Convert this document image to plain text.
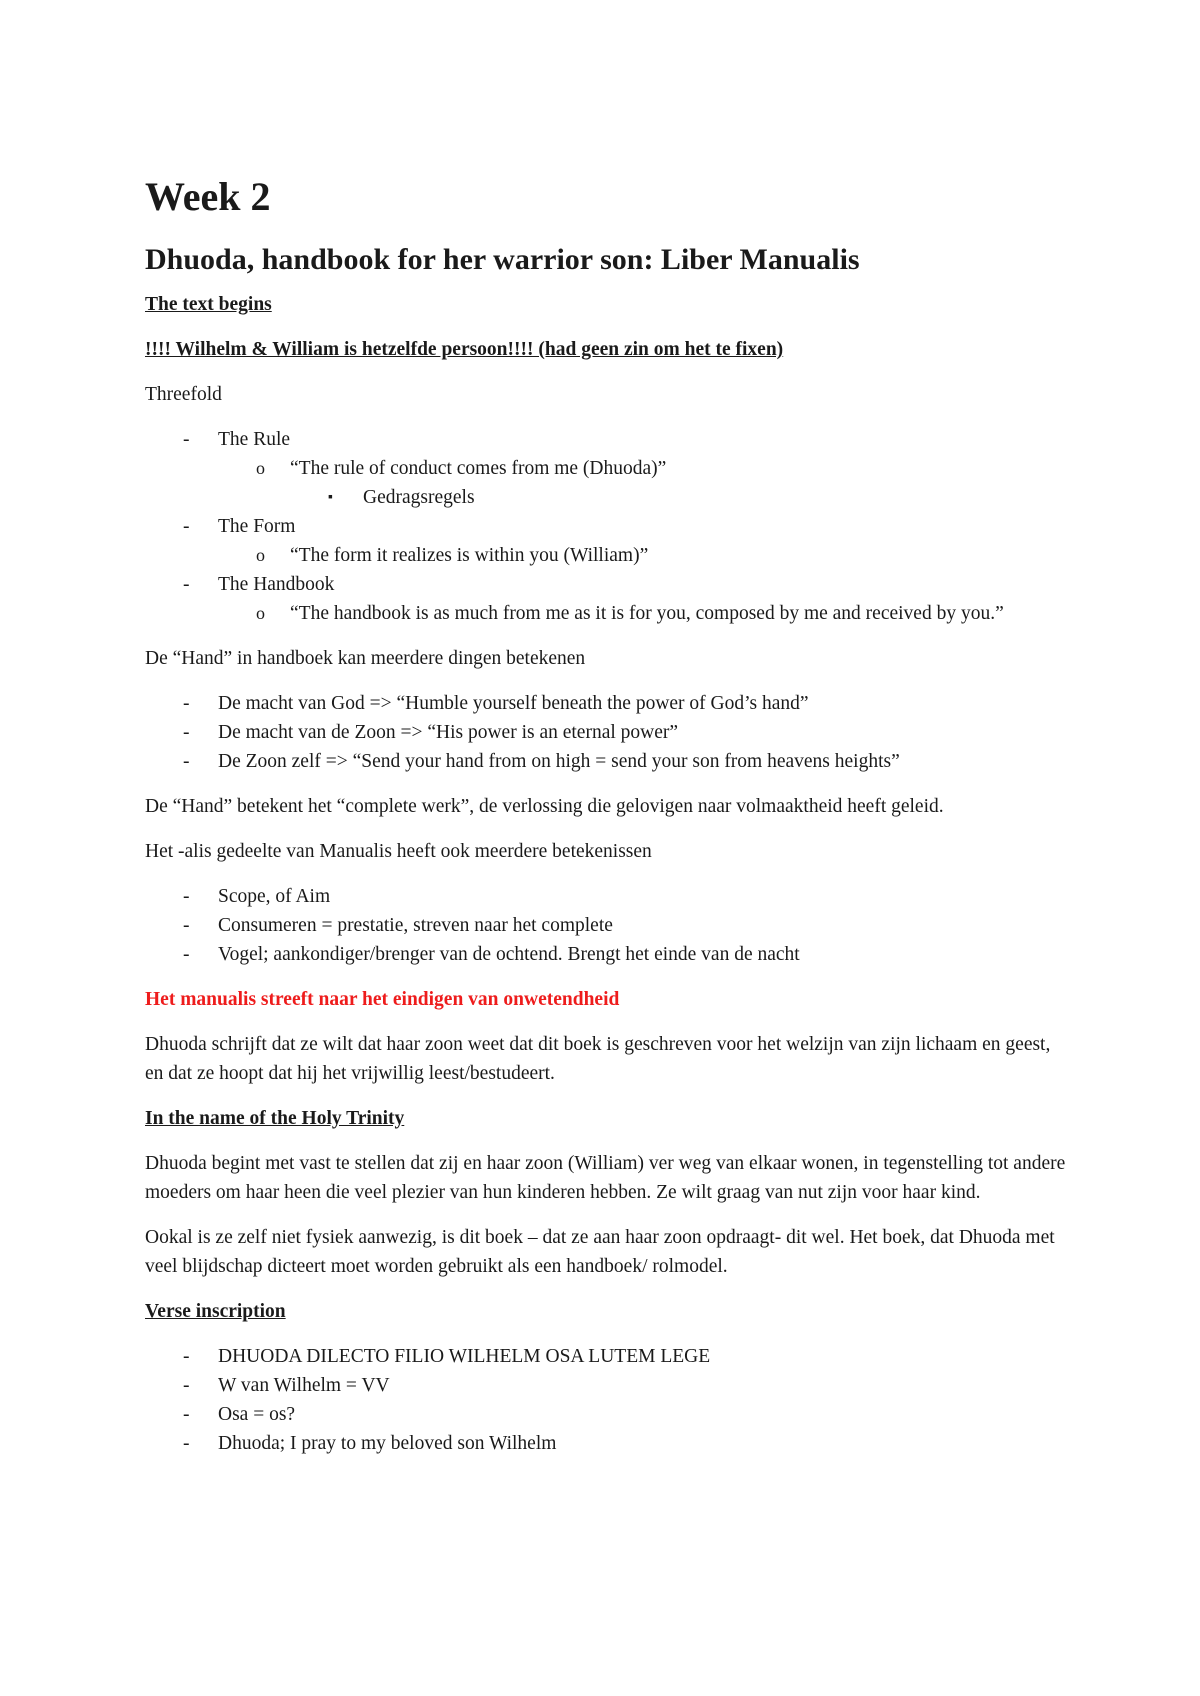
Week 2
Dhuoda, handbook for her warrior son: Liber Manualis

The text begins

!!!! Wilhelm & William is hetzelfde persoon!!!! (had geen zin om het te fixen)

Threefold

- The Rule
o “The rule of conduct comes from me (Dhuoda)”
▪ Gedragsregels
- The Form
o “The form it realizes is within you (William)”
- The Handbook
o “The handbook is as much from me as it is for you, composed by me and received by you.”

De “Hand” in handboek kan meerdere dingen betekenen

- De macht van God => “Humble yourself beneath the power of God’s hand”
- De macht van de Zoon => “His power is an eternal power”
- De Zoon zelf => “Send your hand from on high = send your son from heavens heights”

De “Hand” betekent het “complete werk”, de verlossing die gelovigen naar volmaaktheid heeft geleid.

Het -alis gedeelte van Manualis heeft ook meerdere betekenissen

- Scope, of Aim
- Consumeren = prestatie, streven naar het complete
- Vogel; aankondiger/brenger van de ochtend. Brengt het einde van de nacht

Het manualis streeft naar het eindigen van onwetendheid

Dhuoda schrijft dat ze wilt dat haar zoon weet dat dit boek is geschreven voor het welzijn van zijn lichaam en geest, en dat ze hoopt dat hij het vrijwillig leest/bestudeert.

In the name of the Holy Trinity

Dhuoda begint met vast te stellen dat zij en haar zoon (William) ver weg van elkaar wonen, in tegenstelling tot andere moeders om haar heen die veel plezier van hun kinderen hebben. Ze wilt graag van nut zijn voor haar kind.

Ookal is ze zelf niet fysiek aanwezig, is dit boek – dat ze aan haar zoon opdraagt- dit wel. Het boek, dat Dhuoda met veel blijdschap dicteert moet worden gebruikt als een handboek/ rolmodel.

Verse inscription

- DHUODA DILECTO FILIO WILHELM OSA LUTEM LEGE
- W van Wilhelm = VV
- Osa = os?
- Dhuoda; I pray to my beloved son Wilhelm
